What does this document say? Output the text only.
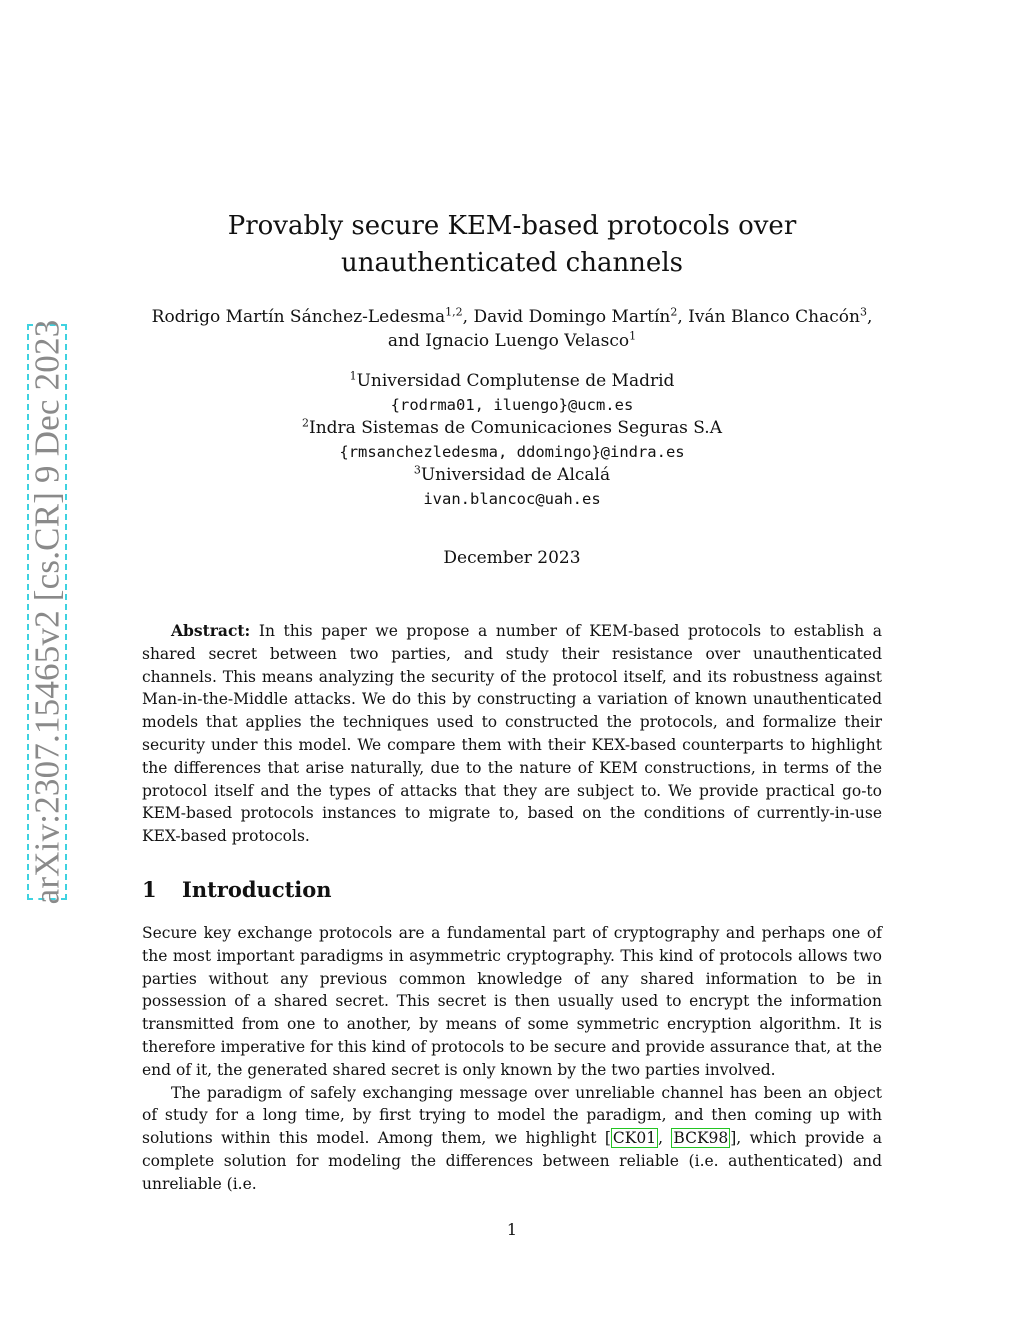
arXiv:2307.15465v2 [cs.CR] 9 Dec 2023
Provably secure KEM-based protocols over unauthenticated channels
Rodrigo Martín Sánchez-Ledesma$^{1,2}$, David Domingo Martín$^2$, Iván Blanco Chacón$^3$,
and Ignacio Luengo Velasco$^1$
$^1$Universidad Complutense de Madrid
{rodrma01, iluengo}@ucm.es
$^2$Indra Sistemas de Comunicaciones Seguras S.A
{rmsanchezledesma, ddomingo}@indra.es
$^3$Universidad de Alcalá
ivan.blancoc@uah.es
December 2023

Abstract: In this paper we propose a number of KEM-based protocols to establish a shared secret between two parties, and study their resistance over unauthenticated channels. This means analyzing the security of the protocol itself, and its robustness against Man-in-the-Middle attacks. We do this by constructing a variation of known unauthenticated models that applies the techniques used to constructed the protocols, and formalize their security under this model. We compare them with their KEX-based counterparts to highlight the differences that arise naturally, due to the nature of KEM constructions, in terms of the protocol itself and the types of attacks that they are subject to. We provide practical go-to KEM-based protocols instances to migrate to, based on the conditions of currently-in-use KEX-based protocols.

1 Introduction

Secure key exchange protocols are a fundamental part of cryptography and perhaps one of the most important paradigms in asymmetric cryptography. This kind of protocols allows two parties without any previous common knowledge of any shared information to be in possession of a shared secret. This secret is then usually used to encrypt the information transmitted from one to another, by means of some symmetric encryption algorithm. It is therefore imperative for this kind of protocols to be secure and provide assurance that, at the end of it, the generated shared secret is only known by the two parties involved.

The paradigm of safely exchanging message over unreliable channel has been an object of study for a long time, by first trying to model the paradigm, and then coming up with solutions within this model. Among them, we highlight [ CK01 , BCK98 ], which provide a complete solution for modeling the differences between reliable (i.e. authenticated) and unreliable (i.e.

1
